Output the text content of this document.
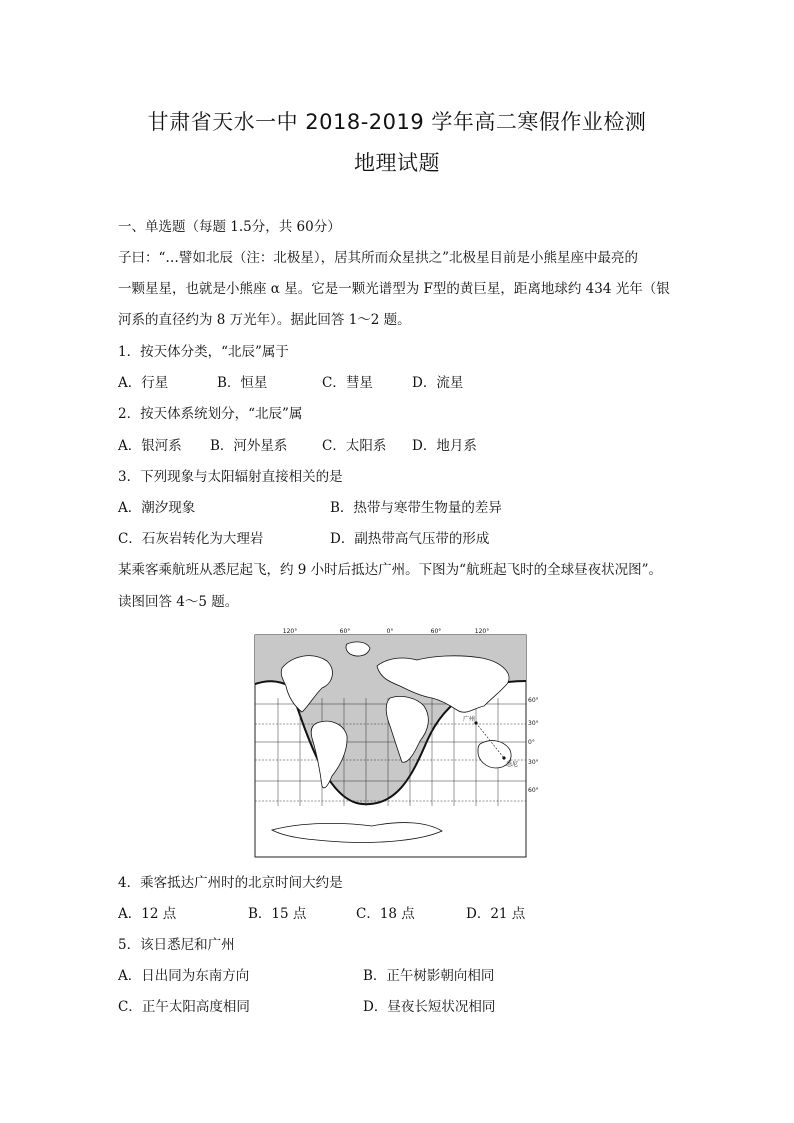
甘肃省天水一中 2018-2019 学年高二寒假作业检测
地理试题
一、单选题（每题 1.5分，共 60分）
子曰：“…譬如北辰（注：北极星），居其所而众星拱之”北极星目前是小熊星座中最亮的
一颗星星，也就是小熊座 α 星。它是一颗光谱型为 F型的黄巨星，距离地球约 434 光年（银
河系的直径约为 8 万光年）。据此回答 1～2 题。
1．按天体分类，“北辰”属于
A．行星	B．恒星	C．彗星	D．流星
2．按天体系统划分，“北辰”属
A．银河系 B．河外星系	C．太阳系 D．地月系
3．下列现象与太阳辐射直接相关的是
A．潮汐现象	B．热带与寒带生物量的差异
C．石灰岩转化为大理岩	D．副热带高气压带的形成
某乘客乘航班从悉尼起飞，约 9 小时后抵达广州。下图为“航班起飞时的全球昼夜状况图”。
读图回答 4～5 题。
120°	60°	0°	60°	120°
60°
30°
0°
30°
60°
广州
悉尼
4．乘客抵达广州时的北京时间大约是
A．12 点	B．15 点	C．18 点	D．21 点
5．该日悉尼和广州
A．日出同为东南方向	B．正午树影朝向相同
C．正午太阳高度相同	D．昼夜长短状况相同
